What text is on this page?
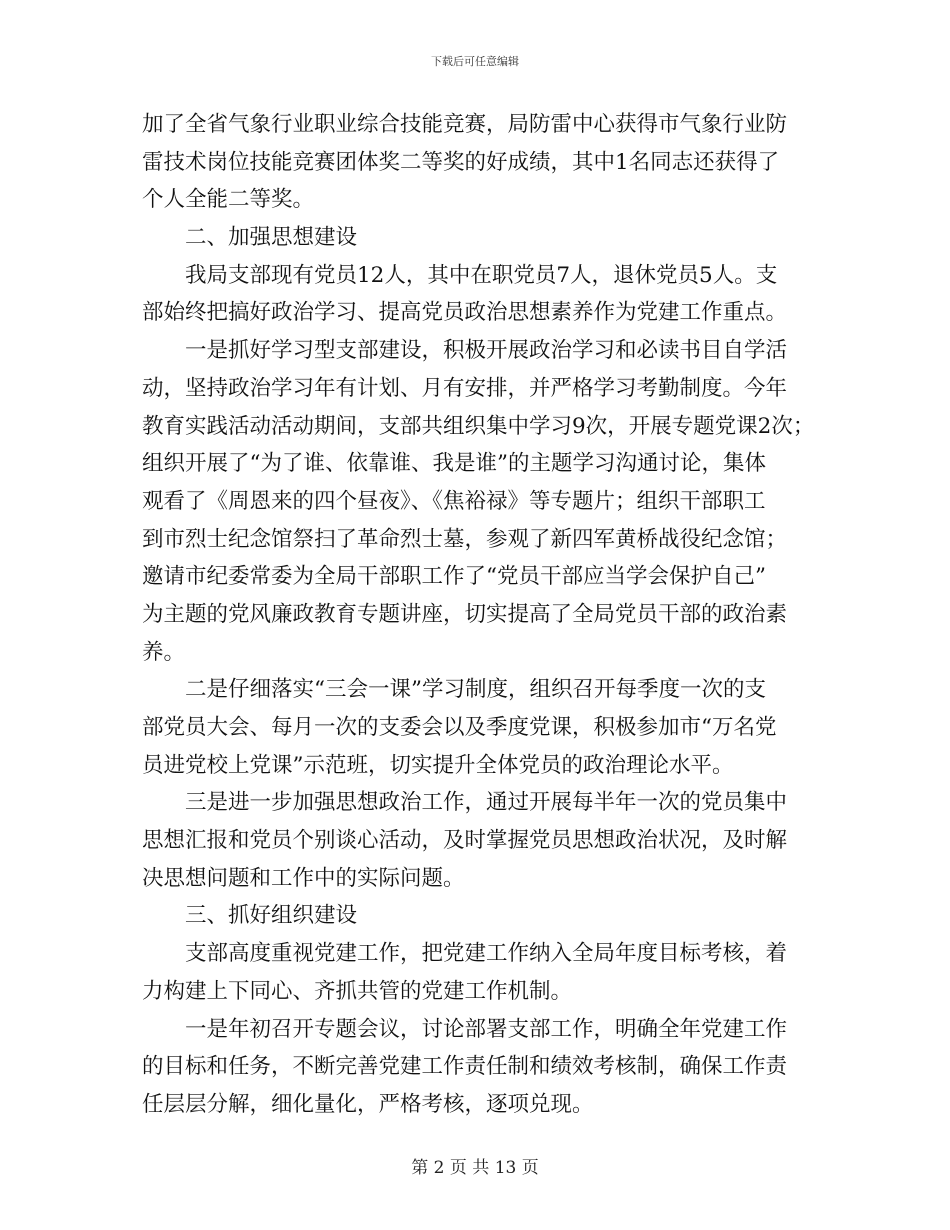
下载后可任意编辑
加了全省气象行业职业综合技能竞赛，局防雷中心获得市气象行业防
雷技术岗位技能竞赛团体奖二等奖的好成绩，其中1名同志还获得了
个人全能二等奖。
　　二、加强思想建设
　　我局支部现有党员12人，其中在职党员7人，退休党员5人。支
部始终把搞好政治学习、提高党员政治思想素养作为党建工作重点。
　　一是抓好学习型支部建设，积极开展政治学习和必读书目自学活
动，坚持政治学习年有计划、月有安排，并严格学习考勤制度。今年
教育实践活动活动期间，支部共组织集中学习9次，开展专题党课2次；
组织开展了“为了谁、依靠谁、我是谁”的主题学习沟通讨论，集体
观看了《周恩来的四个昼夜》、《焦裕禄》等专题片；组织干部职工
到市烈士纪念馆祭扫了革命烈士墓，参观了新四军黄桥战役纪念馆；
邀请市纪委常委为全局干部职工作了“党员干部应当学会保护自己”
为主题的党风廉政教育专题讲座，切实提高了全局党员干部的政治素
养。
　　二是仔细落实“三会一课”学习制度，组织召开每季度一次的支
部党员大会、每月一次的支委会以及季度党课，积极参加市“万名党
员进党校上党课”示范班，切实提升全体党员的政治理论水平。
　　三是进一步加强思想政治工作，通过开展每半年一次的党员集中
思想汇报和党员个别谈心活动，及时掌握党员思想政治状况，及时解
决思想问题和工作中的实际问题。
　　三、抓好组织建设
　　支部高度重视党建工作，把党建工作纳入全局年度目标考核，着
力构建上下同心、齐抓共管的党建工作机制。
　　一是年初召开专题会议，讨论部署支部工作，明确全年党建工作
的目标和任务，不断完善党建工作责任制和绩效考核制，确保工作责
任层层分解，细化量化，严格考核，逐项兑现。
第 2 页 共 13 页
